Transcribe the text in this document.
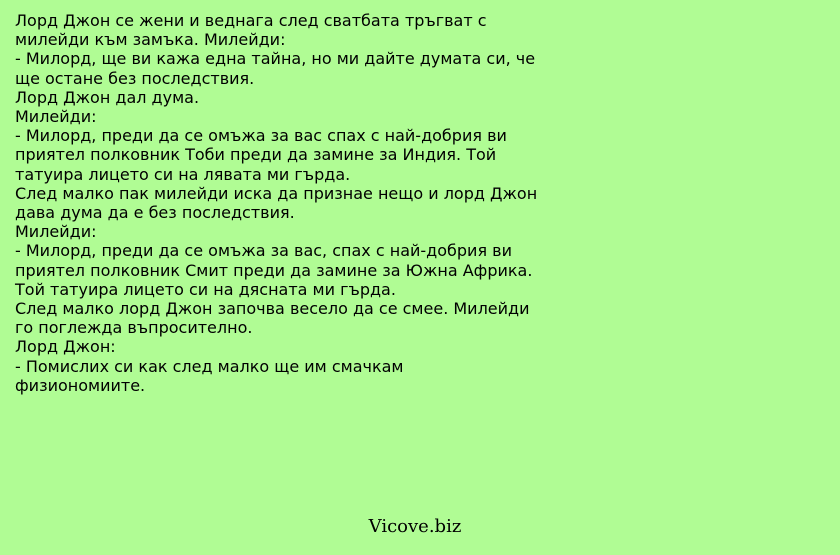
Лорд Джон се жени и веднага след сватбата тръгват с
милейди към замъка. Милейди:
- Милорд, ще ви кажа една тайна, но ми дайте думата си, че
ще остане без последствия.
Лорд Джон дал дума.
Милейди:
- Милорд, преди да се омъжа за вас спах с най-добрия ви
приятел полковник Тоби преди да замине за Индия. Той
татуира лицето си на лявата ми гърда.
След малко пак милейди иска да признае нещо и лорд Джон
дава дума да е без последствия.
Милейди:
- Милорд, преди да се омъжа за вас, спах с най-добрия ви
приятел полковник Смит преди да замине за Южна Африка.
Той татуира лицето си на дясната ми гърда.
След малко лорд Джон започва весело да се смее. Милейди
го поглежда въпросително.
Лорд Джон:
- Помислих си как след малко ще им смачкам
физиономиите.
Vicove.biz
